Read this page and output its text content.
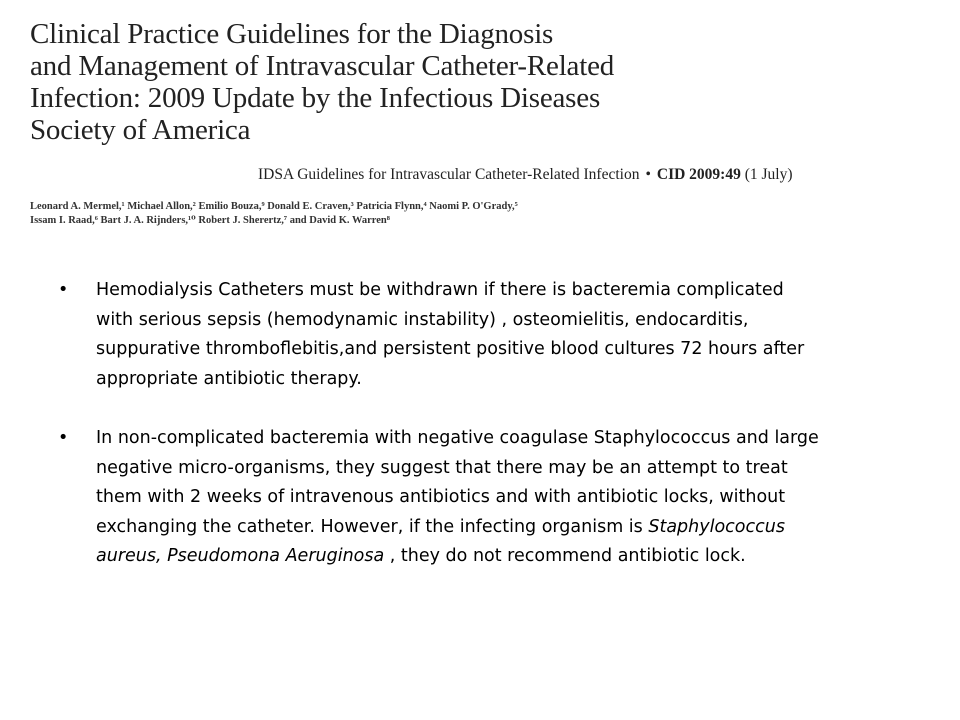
Clinical Practice Guidelines for the Diagnosis
and Management of Intravascular Catheter-Related
Infection: 2009 Update by the Infectious Diseases
Society of America
IDSA Guidelines for Intravascular Catheter-Related Infection • CID 2009:49 (1 July)
Leonard A. Mermel,¹ Michael Allon,² Emilio Bouza,⁹ Donald E. Craven,³ Patricia Flynn,⁴ Naomi P. O'Grady,⁵
Issam I. Raad,⁶ Bart J. A. Rijnders,¹⁰ Robert J. Sherertz,⁷ and David K. Warren⁸
• Hemodialysis Catheters must be withdrawn if there is bacteremia complicated
with serious sepsis (hemodynamic instability) , osteomielitis, endocarditis,
suppurative thromboflebitis,and persistent positive blood cultures 72 hours after
appropriate antibiotic therapy.
• In non-complicated bacteremia with negative coagulase Staphylococcus and large
negative micro-organisms, they suggest that there may be an attempt to treat
them with 2 weeks of intravenous antibiotics and with antibiotic locks, without
exchanging the catheter. However, if the infecting organism is Staphylococcus
aureus, Pseudomona Aeruginosa , they do not recommend antibiotic lock.
